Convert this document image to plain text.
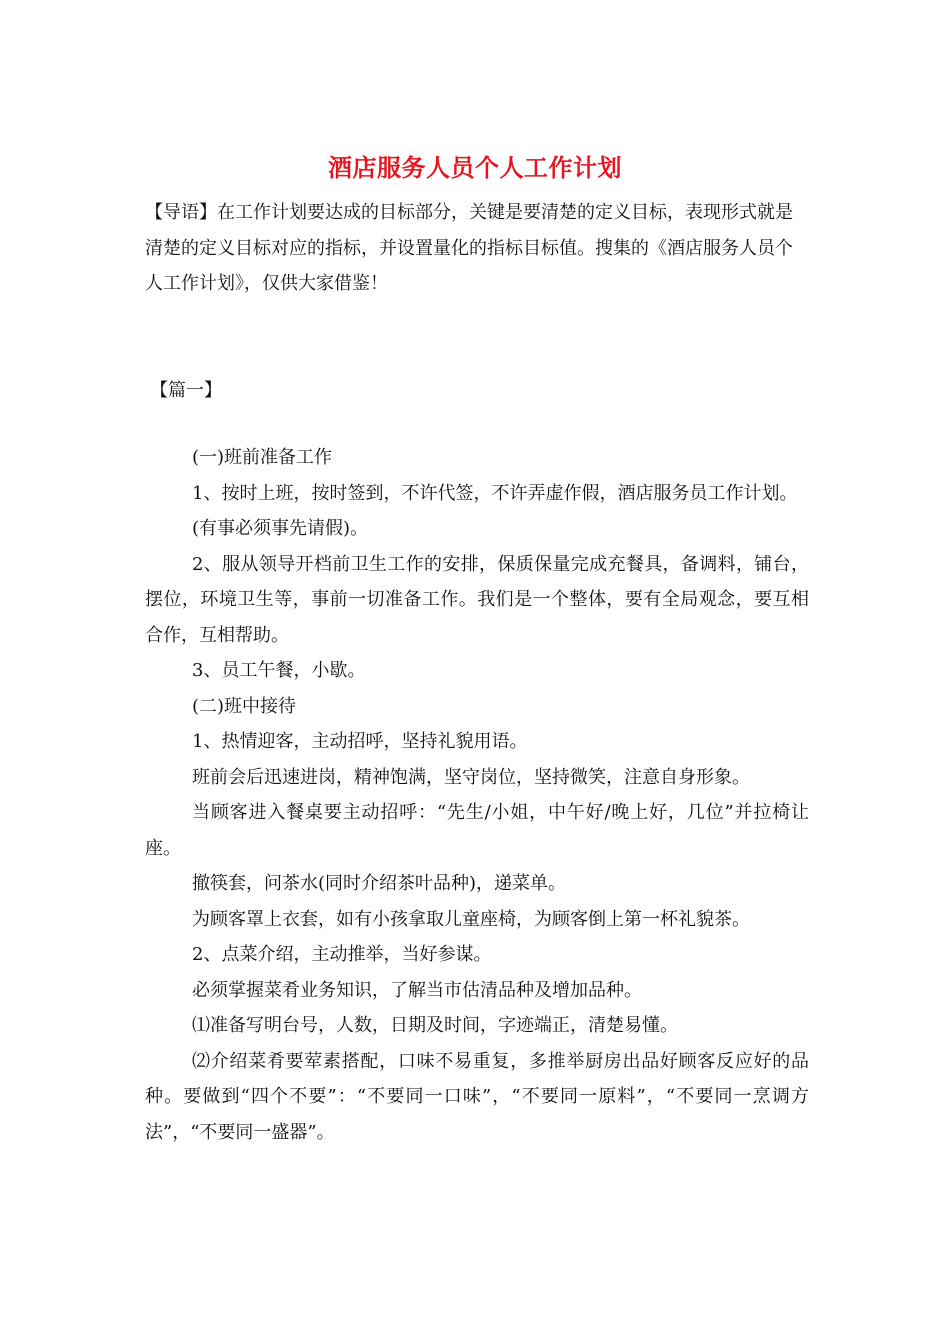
酒店服务人员个人工作计划

【导语】在工作计划要达成的目标部分，关键是要清楚的定义目标，表现形式就是清楚的定义目标对应的指标，并设置量化的指标目标值。搜集的《酒店服务人员个人工作计划》，仅供大家借鉴！

【篇一】

(一)班前准备工作

1、按时上班，按时签到，不许代签，不许弄虚作假，酒店服务员工作计划。

(有事必须事先请假)。

2、服从领导开档前卫生工作的安排，保质保量完成充餐具，备调料，铺台，摆位，环境卫生等，事前一切准备工作。我们是一个整体，要有全局观念，要互相合作，互相帮助。

3、员工午餐，小歇。

(二)班中接待

1、热情迎客，主动招呼，坚持礼貌用语。

班前会后迅速进岗，精神饱满，坚守岗位，坚持微笑，注意自身形象。

当顾客进入餐桌要主动招呼：“先生/小姐，中午好/晚上好，几位”并拉椅让座。

撤筷套，问茶水(同时介绍茶叶品种)，递菜单。

为顾客罩上衣套，如有小孩拿取儿童座椅，为顾客倒上第一杯礼貌茶。

2、点菜介绍，主动推举，当好参谋。

必须掌握菜肴业务知识，了解当市估清品种及增加品种。

⑴准备写明台号，人数，日期及时间，字迹端正，清楚易懂。

⑵介绍菜肴要荤素搭配，口味不易重复，多推举厨房出品好顾客反应好的品种。要做到“四个不要”：“不要同一口味”，“不要同一原料”，“不要同一烹调方法”，“不要同一盛器”。
